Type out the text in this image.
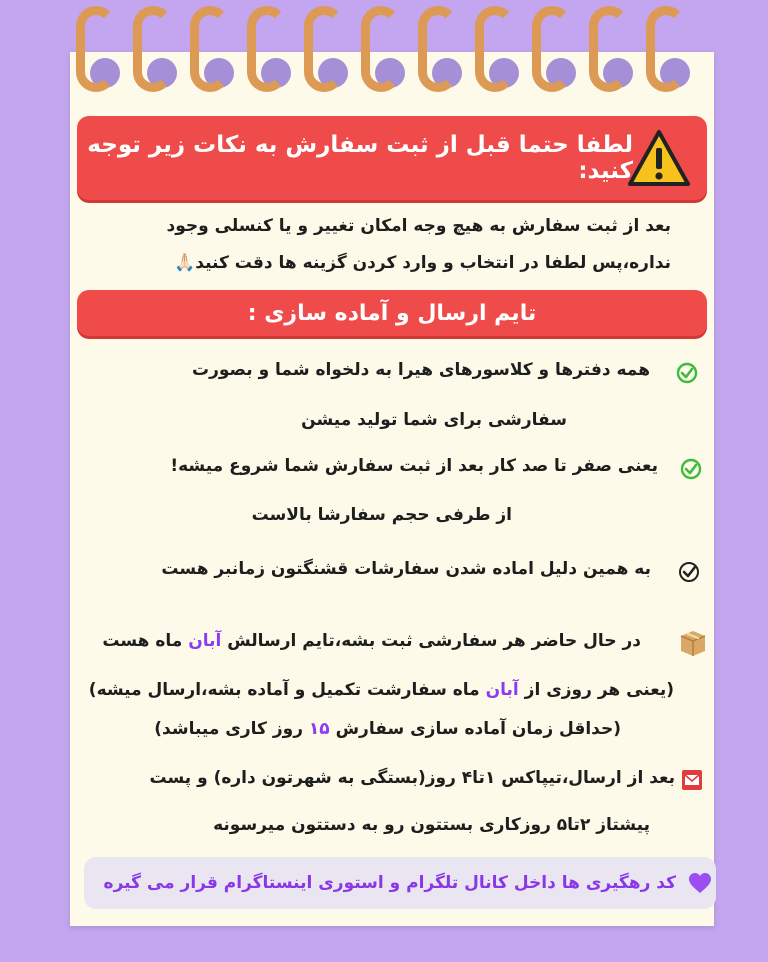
لطفا حتما قبل از ثبت سفارش به نکات زیر توجه کنید:
بعد از ثبت سفارش به هیچ وجه امکان تغییر و یا کنسلی وجود
نداره،پس لطفا در انتخاب و وارد کردن گزینه ها دقت کنید🙏🏻
تایم ارسال و آماده سازی :
همه دفترها و کلاسورهای هیرا به دلخواه شما و بصورت
سفارشی برای شما تولید میشن
یعنی صفر تا صد کار بعد از ثبت سفارش شما شروع میشه!
از طرفی حجم سفارشا بالاست
به همین دلیل اماده شدن سفارشات قشنگتون زمانبر هست
در حال حاضر هر سفارشی ثبت بشه،تایم ارسالش آبان ماه هست
(یعنی هر روزی از آبان ماه سفارشت تکمیل و آماده بشه،ارسال میشه)
(حداقل زمان آماده سازی سفارش ۱۵ روز کاری میباشد)
بعد از ارسال،تیپاکس ۱تا۴ روز(بستگی به شهرتون داره) و پست
پیشتاز ۲تا۵ روزکاری بستتون رو به دستتون میرسونه
کد رهگیری ها داخل کانال تلگرام و استوری اینستاگرام قرار می گیره
